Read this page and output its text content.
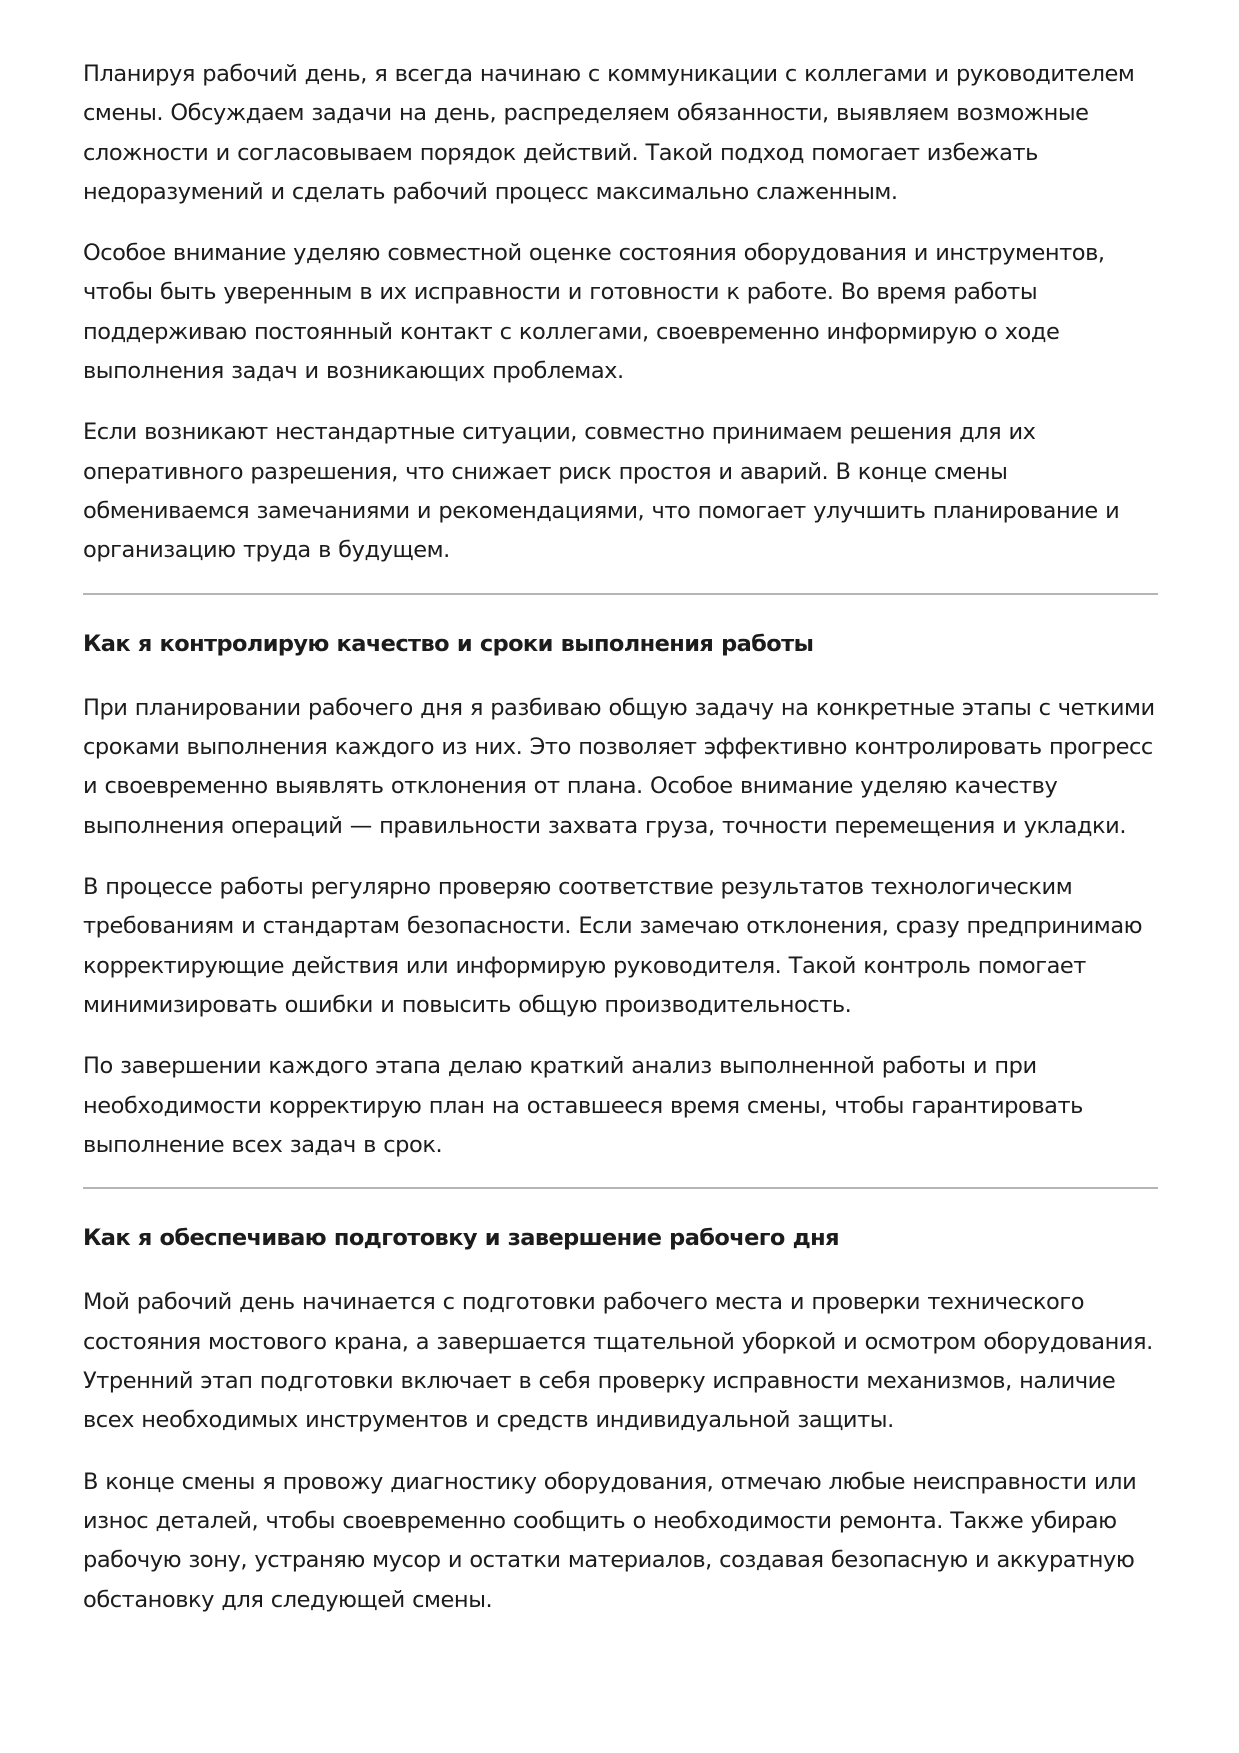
Планируя рабочий день, я всегда начинаю с коммуникации с коллегами и руководителем смены. Обсуждаем задачи на день, распределяем обязанности, выявляем возможные сложности и согласовываем порядок действий. Такой подход помогает избежать недоразумений и сделать рабочий процесс максимально слаженным.

Особое внимание уделяю совместной оценке состояния оборудования и инструментов, чтобы быть уверенным в их исправности и готовности к работе. Во время работы поддерживаю постоянный контакт с коллегами, своевременно информирую о ходе выполнения задач и возникающих проблемах.

Если возникают нестандартные ситуации, совместно принимаем решения для их оперативного разрешения, что снижает риск простоя и аварий. В конце смены обмениваемся замечаниями и рекомендациями, что помогает улучшить планирование и организацию труда в будущем.

Как я контролирую качество и сроки выполнения работы

При планировании рабочего дня я разбиваю общую задачу на конкретные этапы с четкими сроками выполнения каждого из них. Это позволяет эффективно контролировать прогресс и своевременно выявлять отклонения от плана. Особое внимание уделяю качеству выполнения операций — правильности захвата груза, точности перемещения и укладки.

В процессе работы регулярно проверяю соответствие результатов технологическим требованиям и стандартам безопасности. Если замечаю отклонения, сразу предпринимаю корректирующие действия или информирую руководителя. Такой контроль помогает минимизировать ошибки и повысить общую производительность.

По завершении каждого этапа делаю краткий анализ выполненной работы и при необходимости корректирую план на оставшееся время смены, чтобы гарантировать выполнение всех задач в срок.

Как я обеспечиваю подготовку и завершение рабочего дня

Мой рабочий день начинается с подготовки рабочего места и проверки технического состояния мостового крана, а завершается тщательной уборкой и осмотром оборудования. Утренний этап подготовки включает в себя проверку исправности механизмов, наличие всех необходимых инструментов и средств индивидуальной защиты.

В конце смены я провожу диагностику оборудования, отмечаю любые неисправности или износ деталей, чтобы своевременно сообщить о необходимости ремонта. Также убираю рабочую зону, устраняю мусор и остатки материалов, создавая безопасную и аккуратную обстановку для следующей смены.
